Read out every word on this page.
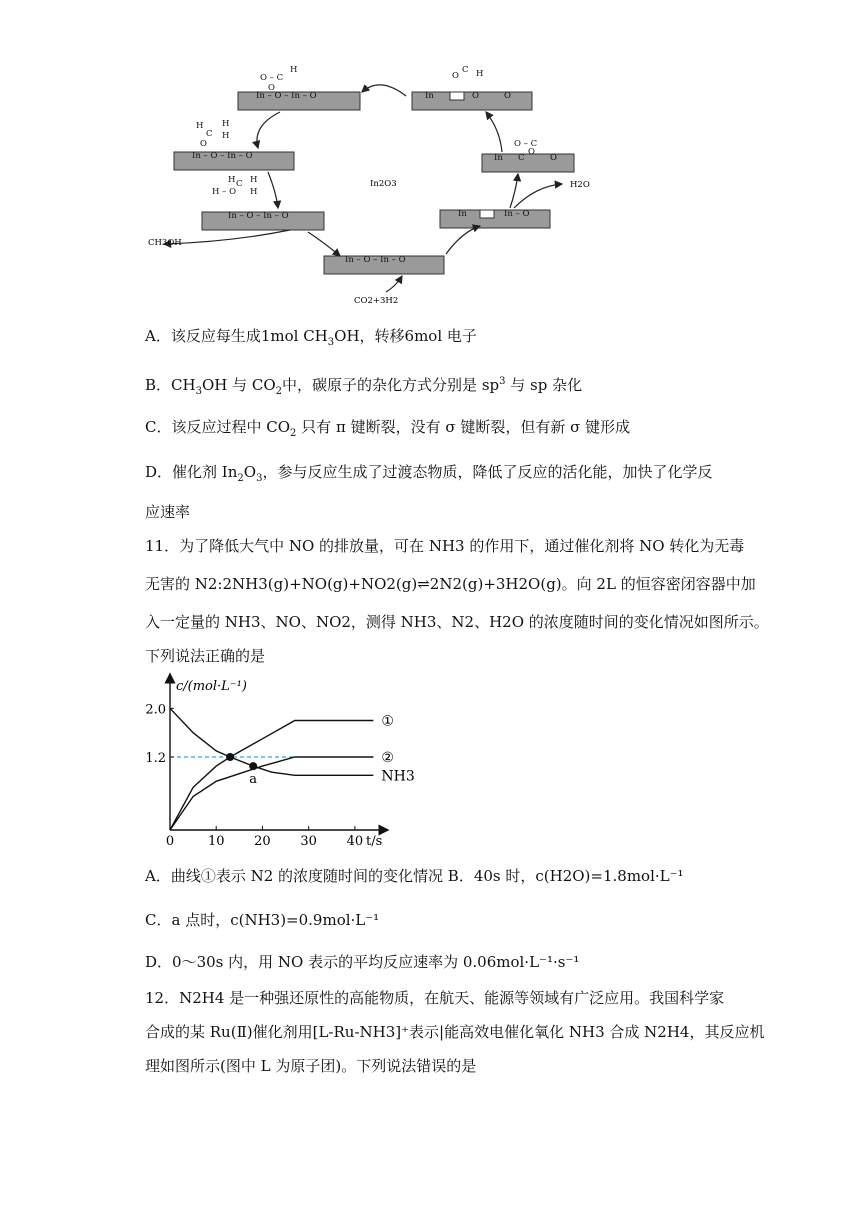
In – O – In – O	In	O	O
In – O – In – O	In C	O
In – O – In – O	In	In – O
In – O – In – O
O – C
H
O
O
C H
H
C
H
H
O
H – O
C
H H
H
O – C
O
CH3OH
H2O
CO2+3H2
In2O3
A．该反应每生成1mol $CH_3OH$，转移6mol 电子
B．$CH_3OH$ 与 $CO_2$中，碳原子的杂化方式分别是 $sp^3$ 与 sp 杂化
C．该反应过程中 $CO_2$ 只有 π 键断裂，没有 σ 键断裂，但有新 σ 键形成
D．催化剂 $In_2O_3$，参与反应生成了过渡态物质，降低了反应的活化能，加快了化学反
应速率
11．为了降低大气中 NO 的排放量，可在 NH3 的作用下，通过催化剂将 NO 转化为无毒
无害的 N2:2NH3(g)+NO(g)+NO2(g)⇌2N2(g)+3H2O(g)。向 2L 的恒容密闭容器中加
入一定量的 NH3、NO、NO2，测得 NH3、N2、H2O 的浓度随时间的变化情况如图所示。
下列说法正确的是
c/(mol·L⁻¹)
t/s
0	10 20 30 40
1.2
2.0
①
②
NH3
a
A．曲线①表示 N2 的浓度随时间的变化情况 B．40s 时，c(H2O)=1.8mol·L⁻¹
C．a 点时，c(NH3)=0.9mol·L⁻¹
D．0～30s 内，用 NO 表示的平均反应速率为 0.06mol·L⁻¹·s⁻¹
12．N2H4 是一种强还原性的高能物质，在航天、能源等领域有广泛应用。我国科学家
合成的某 Ru(Ⅱ)催化剂用[L-Ru-NH3]⁺表示|能高效电催化氧化 NH3 合成 N2H4，其反应机
理如图所示(图中 L 为原子团)。下列说法错误的是
